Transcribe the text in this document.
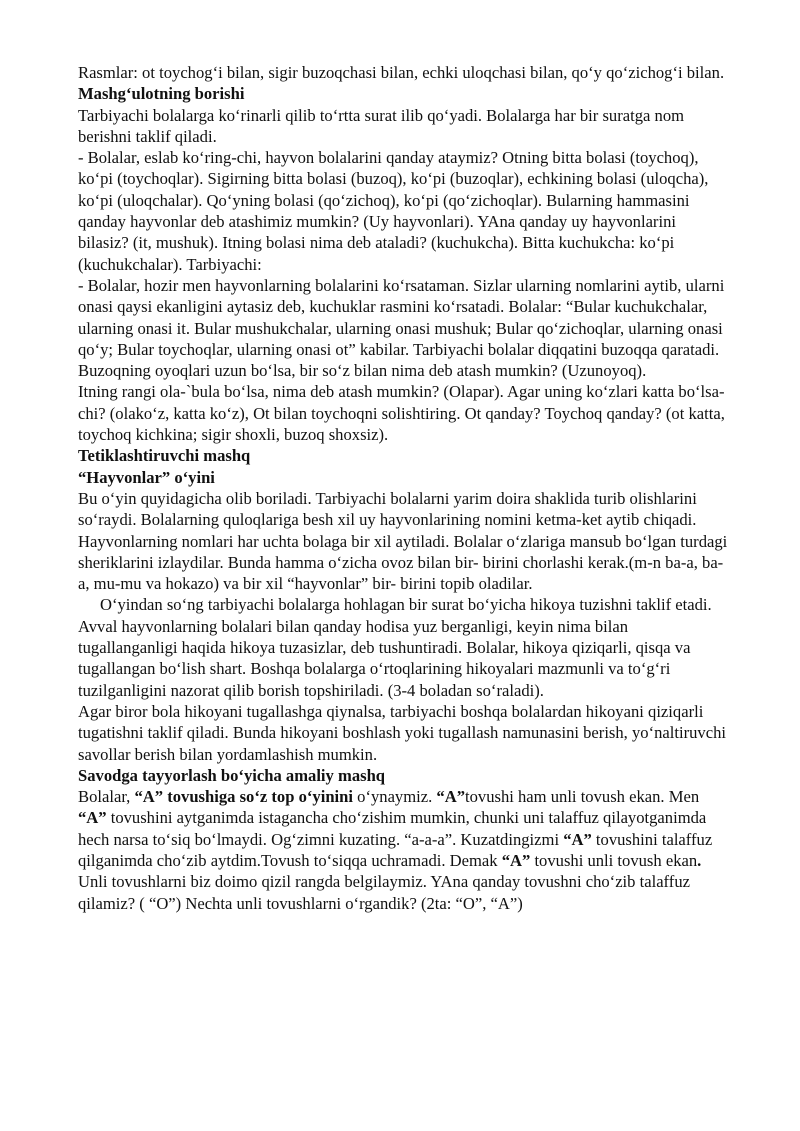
Rasmlar: ot toychog‘i bilan, sigir buzoqchasi bilan, echki uloqchasi bilan, qo‘y qo‘zichog‘i bilan.

Mashg‘ulotning borishi

Tarbiyachi bolalarga ko‘rinarli qilib to‘rtta surat ilib qo‘yadi. Bolalarga har bir suratga nom berishni taklif qiladi.

- Bolalar, eslab ko‘ring-chi, hayvon bolalarini qanday ataymiz? Otning bitta bolasi (toychoq), ko‘pi (toychoqlar). Sigirning bitta bolasi (buzoq), ko‘pi (buzoqlar), echkining bolasi (uloqcha), ko‘pi (uloqchalar). Qo‘yning bolasi (qo‘zichoq), ko‘pi (qo‘zichoqlar). Bularning hammasini qanday hayvonlar deb atashimiz mumkin? (Uy hayvonlari). YAna qanday uy hayvonlarini bilasiz? (it, mushuk). Itning bolasi nima deb ataladi? (kuchukcha). Bitta kuchukcha: ko‘pi (kuchukchalar). Tarbiyachi:

- Bolalar, hozir men hayvonlarning bolalarini ko‘rsataman. Sizlar ularning nomlarini aytib, ularni onasi qaysi ekanligini aytasiz deb, kuchuklar rasmini ko‘rsatadi. Bolalar: “Bular kuchukchalar, ularning onasi it. Bular mushukchalar, ularning onasi mushuk; Bular qo‘zichoqlar, ularning onasi qo‘y; Bular toychoqlar, ularning onasi ot” kabilar. Tarbiyachi bolalar diqqatini buzoqqa qaratadi. Buzoqning oyoqlari uzun bo‘lsa, bir so‘z bilan nima deb atash mumkin? (Uzunoyoq).

Itning rangi ola-`bula bo‘lsa, nima deb atash mumkin? (Olapar). Agar uning ko‘zlari katta bo‘lsa-chi? (olako‘z, katta ko‘z), Ot bilan toychoqni solishtiring. Ot qanday? Toychoq qanday? (ot katta, toychoq kichkina; sigir shoxli, buzoq shoxsiz).

Tetiklashtiruvchi mashq

“Hayvonlar” o‘yini

Bu o‘yin quyidagicha olib boriladi. Tarbiyachi bolalarni yarim doira shaklida turib olishlarini so‘raydi. Bolalarning quloqlariga besh xil uy hayvonlarining nomini ketma-ket aytib chiqadi. Hayvonlarning nomlari har uchta bolaga bir xil aytiladi. Bolalar o‘zlariga mansub bo‘lgan turdagi sheriklarini izlaydilar. Bunda hamma o‘zicha ovoz bilan bir- birini chorlashi kerak.(m-n ba-a, ba-a, mu-mu va hokazo) va bir xil “hayvonlar” bir- birini topib oladilar.

O‘yindan so‘ng tarbiyachi bolalarga hohlagan bir surat bo‘yicha hikoya tuzishni taklif etadi.

Avval hayvonlarning bolalari bilan qanday hodisa yuz berganligi, keyin nima bilan tugallanganligi haqida hikoya tuzasizlar, deb tushuntiradi. Bolalar, hikoya qiziqarli, qisqa va tugallangan bo‘lish shart. Boshqa bolalarga o‘rtoqlarining hikoyalari mazmunli va to‘g‘ri tuzilganligini nazorat qilib borish topshiriladi. (3-4 boladan so‘raladi).

Agar biror bola hikoyani tugallashga qiynalsa, tarbiyachi boshqa bolalardan hikoyani qiziqarli tugatishni taklif qiladi. Bunda hikoyani boshlash yoki tugallash namunasini berish, yo‘naltiruvchi savollar berish bilan yordamlashish mumkin.

Savodga tayyorlash bo‘yicha amaliy mashq

Bolalar, “A” tovushiga so‘z top o‘yinini o‘ynaymiz. “A”tovushi ham unli tovush ekan. Men “A” tovushini aytganimda istagancha cho‘zishim mumkin, chunki uni talaffuz qilayotganimda hech narsa to‘siq bo‘lmaydi. Og‘zimni kuzating. “a-a-a”. Kuzatdingizmi “A” tovushini talaffuz qilganimda cho‘zib aytdim.Tovush to‘siqqa uchramadi. Demak “A” tovushi unli tovush ekan. Unli tovushlarni biz doimo qizil rangda belgilaymiz. YAna qanday tovushni cho‘zib talaffuz qilamiz? ( “O”) Nechta unli tovushlarni o‘rgandik? (2ta: “O”, “A”)
